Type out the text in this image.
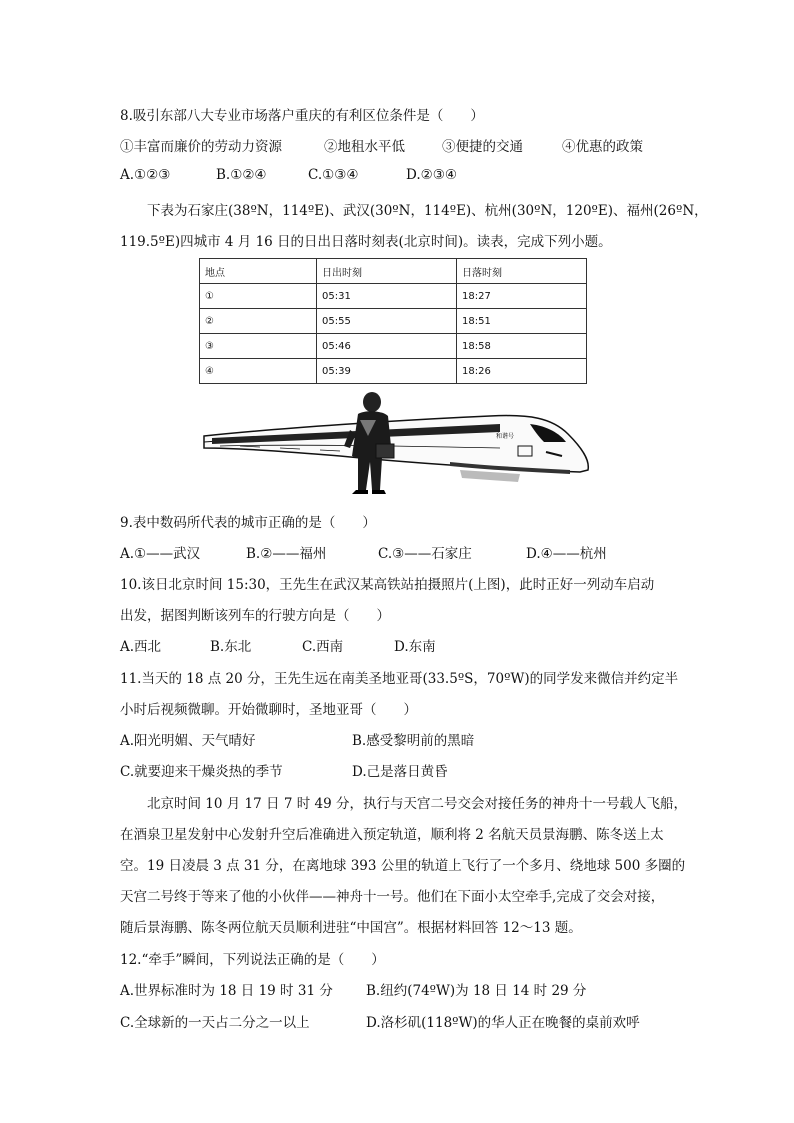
8.吸引东部八大专业市场落户重庆的有利区位条件是（　　）
①丰富而廉价的劳动力资源	②地租水平低	③便捷的交通	④优惠的政策
A.①②③	B.①②④	C.①③④	D.②③④
下表为石家庄(38ºN，114ºE)、武汉(30ºN，114ºE)、杭州(30ºN，120ºE)、福州(26ºN，
119.5ºE)四城市 4 月 16 日的日出日落时刻表(北京时间)。读表，完成下列小题。
地点	日出时刻	日落时刻
①	05:31	18:27
②	05:55	18:51
③	05:46	18:58
④	05:39	18:26
和谐号
9.表中数码所代表的城市正确的是（　　）
A.①——武汉	B.②——福州	C.③——石家庄	D.④——杭州
10.该日北京时间 15:30，王先生在武汉某高铁站拍摄照片(上图)，此时正好一列动车启动
出发，据图判断该列车的行驶方向是（　　）
A.西北	B.东北	C.西南	D.东南
11.当天的 18 点 20 分，王先生远在南美圣地亚哥(33.5ºS，70ºW)的同学发来微信并约定半
小时后视频微聊。开始微聊时，圣地亚哥（　　）
A.阳光明媚、天气晴好	B.感受黎明前的黑暗
C.就要迎来干燥炎热的季节	D.己是落日黄昏
北京时间 10 月 17 日 7 时 49 分，执行与天宫二号交会对接任务的神舟十一号载人飞船，
在酒泉卫星发射中心发射升空后准确进入预定轨道，顺利将 2 名航天员景海鹏、陈冬送上太
空。19 日凌晨 3 点 31 分，在离地球 393 公里的轨道上飞行了一个多月、绕地球 500 多圈的
天宫二号终于等来了他的小伙伴——神舟十一号。他们在下面小太空牵手,完成了交会对接，
随后景海鹏、陈冬两位航天员顺利进驻“中国宫”。根据材料回答 12～13 题。
12.“牵手”瞬间，下列说法正确的是（　　）
A.世界标准时为 18 日 19 时 31 分 B.纽约(74ºW)为 18 日 14 时 29 分
C.全球新的一天占二分之一以上	D.洛杉矶(118ºW)的华人正在晚餐的桌前欢呼
